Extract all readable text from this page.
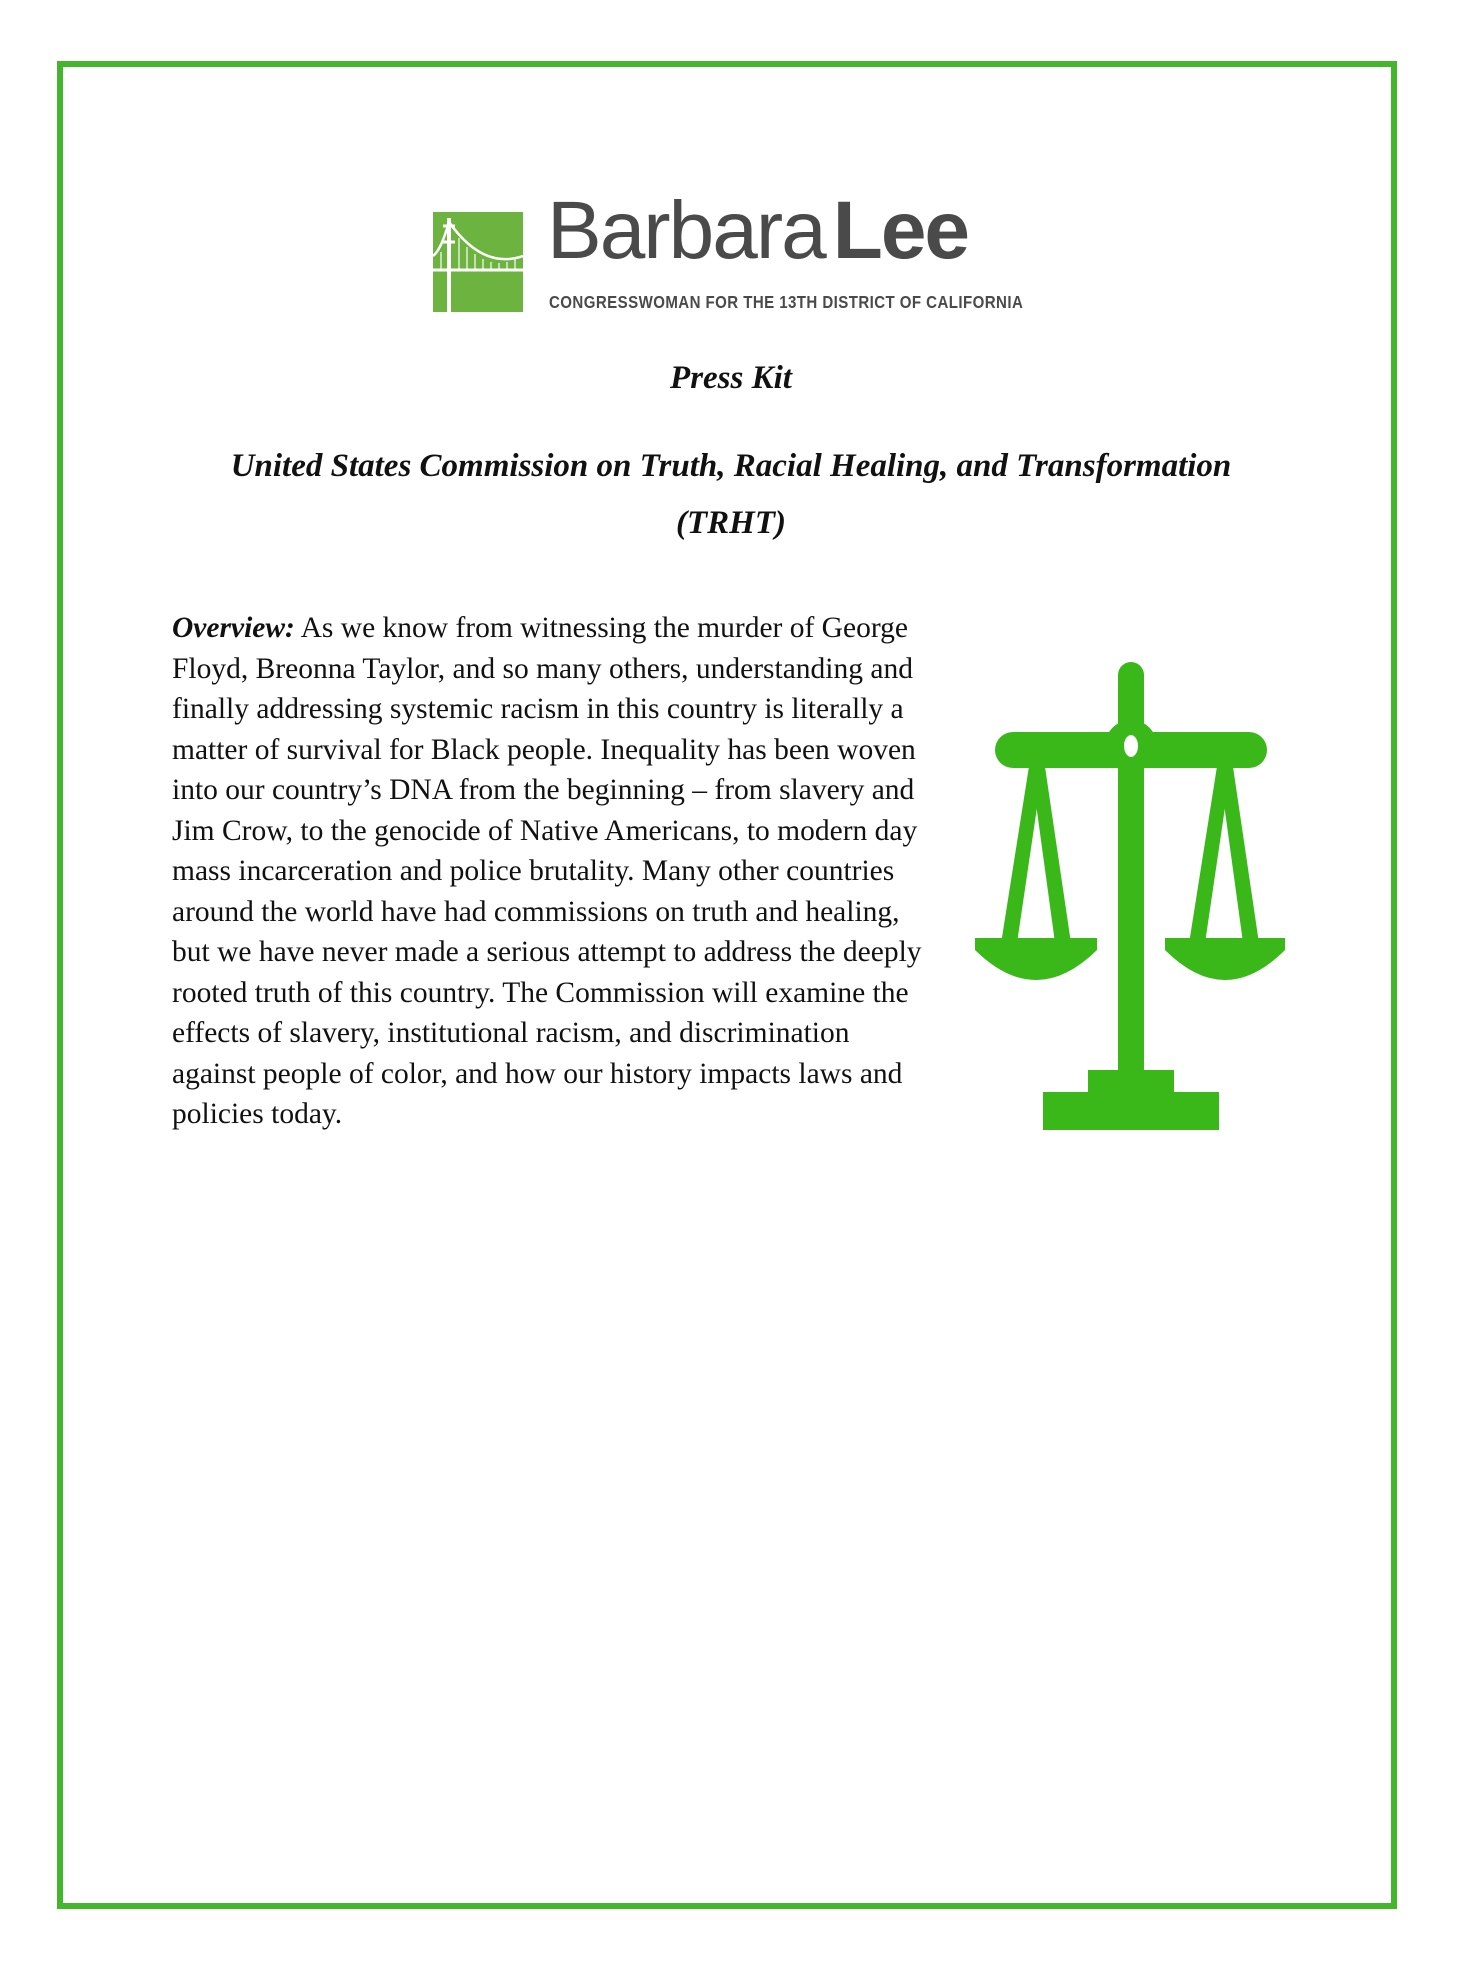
BarbaraLee
CONGRESSWOMAN FOR THE 13TH DISTRICT OF CALIFORNIA
Press Kit
United States Commission on Truth, Racial Healing, and Transformation (TRHT)

Overview: As we know from witnessing the murder of George Floyd, Breonna Taylor, and so many others, understanding and finally addressing systemic racism in this country is literally a matter of survival for Black people. Inequality has been woven into our country’s DNA from the beginning – from slavery and Jim Crow, to the genocide of Native Americans, to modern day mass incarceration and police brutality. Many other countries around the world have had commissions on truth and healing, but we have never made a serious attempt to address the deeply rooted truth of this country. The Commission will examine the effects of slavery, institutional racism, and discrimination against people of color, and how our history impacts laws and policies today.
